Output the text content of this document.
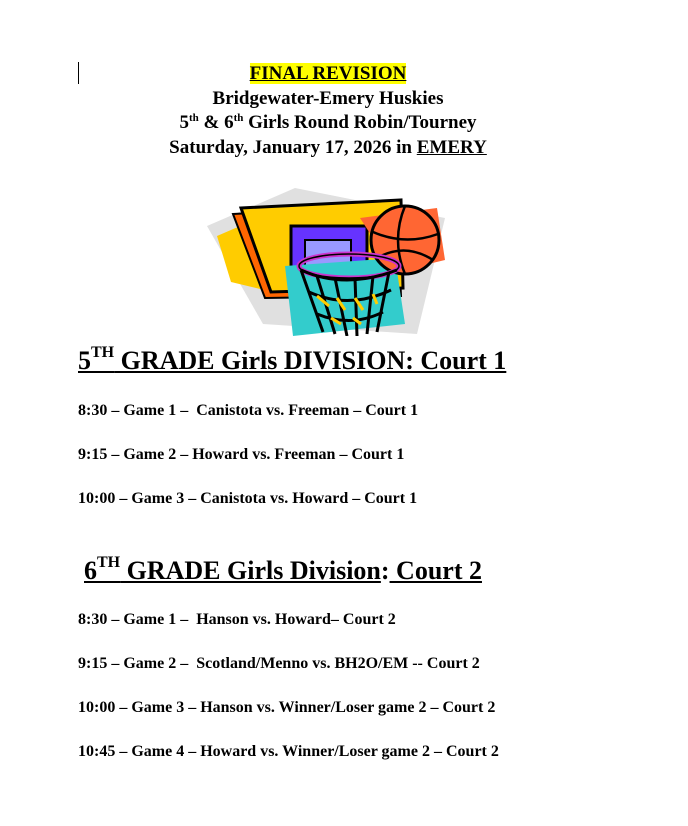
FINAL REVISION
Bridgewater-Emery Huskies
5th & 6th Girls Round Robin/Tourney
Saturday, January 17, 2026 in EMERY
5TH GRADE Girls DIVISION: Court 1
8:30 – Game 1 –  Canistota vs. Freeman – Court 1
9:15 – Game 2 – Howard vs. Freeman – Court 1
10:00 – Game 3 – Canistota vs. Howard – Court 1
6TH GRADE Girls Division: Court 2
8:30 – Game 1 –  Hanson vs. Howard– Court 2
9:15 – Game 2 –  Scotland/Menno vs. BH2O/EM -- Court 2
10:00 – Game 3 – Hanson vs. Winner/Loser game 2 – Court 2
10:45 – Game 4 – Howard vs. Winner/Loser game 2 – Court 2
